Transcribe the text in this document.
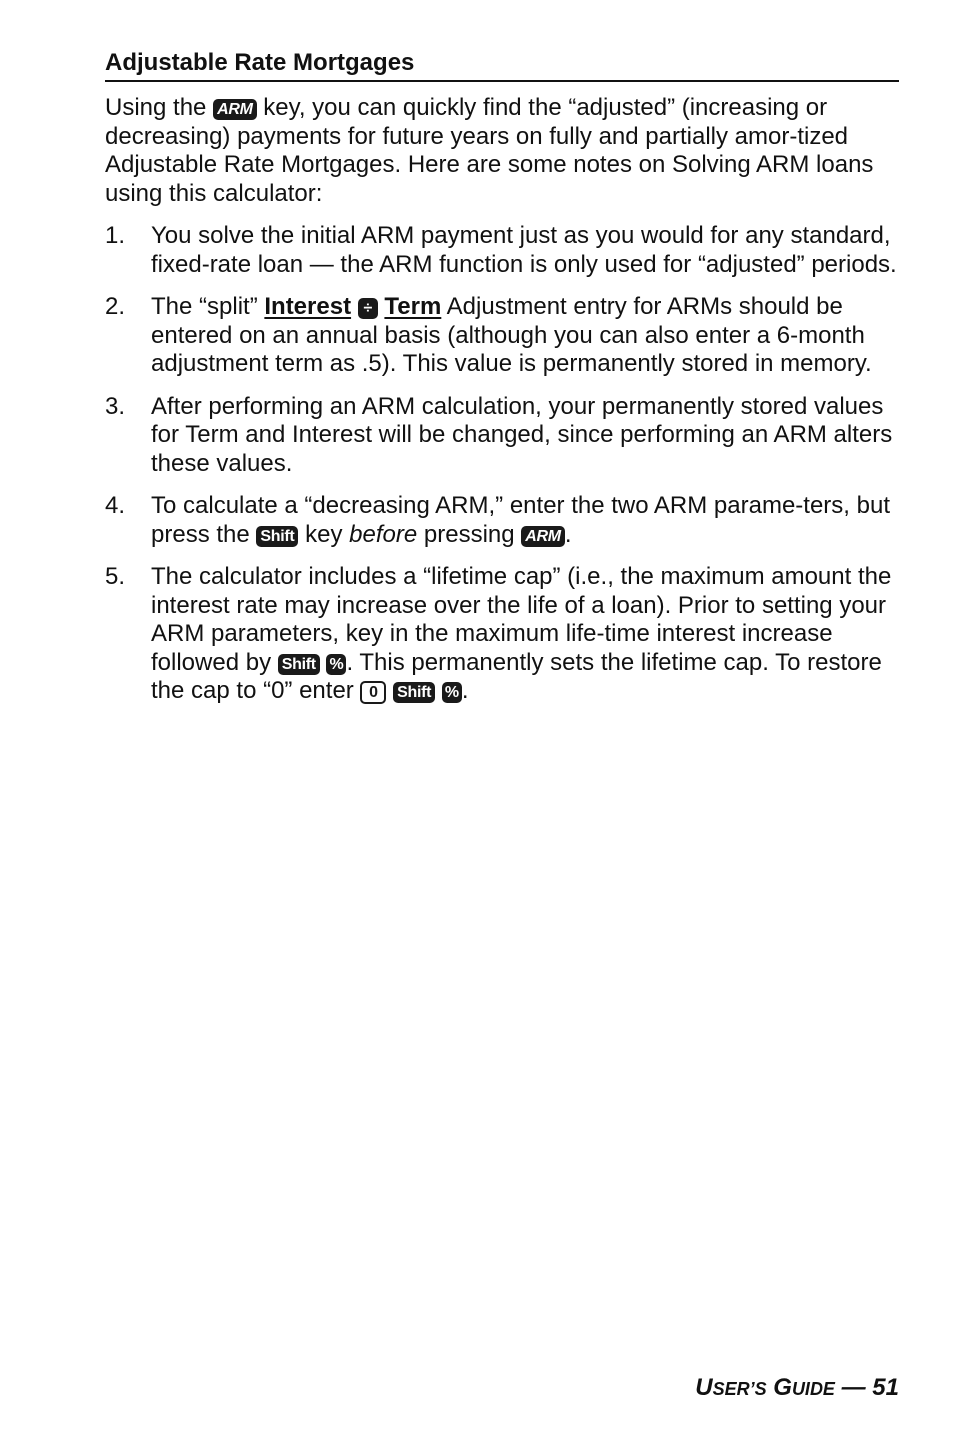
Adjustable Rate Mortgages

Using the ARM key, you can quickly find the “adjusted” (increasing or decreasing) payments for future years on fully and partially amor-tized Adjustable Rate Mortgages. Here are some notes on Solving ARM loans using this calculator:

1. You solve the initial ARM payment just as you would for any standard, fixed-rate loan — the ARM function is only used for “adjusted” periods.
2. The “split” Interest ÷ Term Adjustment entry for ARMs should be entered on an annual basis (although you can also enter a 6-month adjustment term as .5). This value is permanently stored in memory.
3. After performing an ARM calculation, your permanently stored values for Term and Interest will be changed, since performing an ARM alters these values.
4. To calculate a “decreasing ARM,” enter the two ARM parame-ters, but press the Shift key before pressing ARM .
5. The calculator includes a “lifetime cap” (i.e., the maximum amount the interest rate may increase over the life of a loan). Prior to setting your ARM parameters, key in the maximum life-time interest increase followed by Shift % . This permanently sets the lifetime cap. To restore the cap to “0” enter 0 Shift % .
USER’S GUIDE — 51
